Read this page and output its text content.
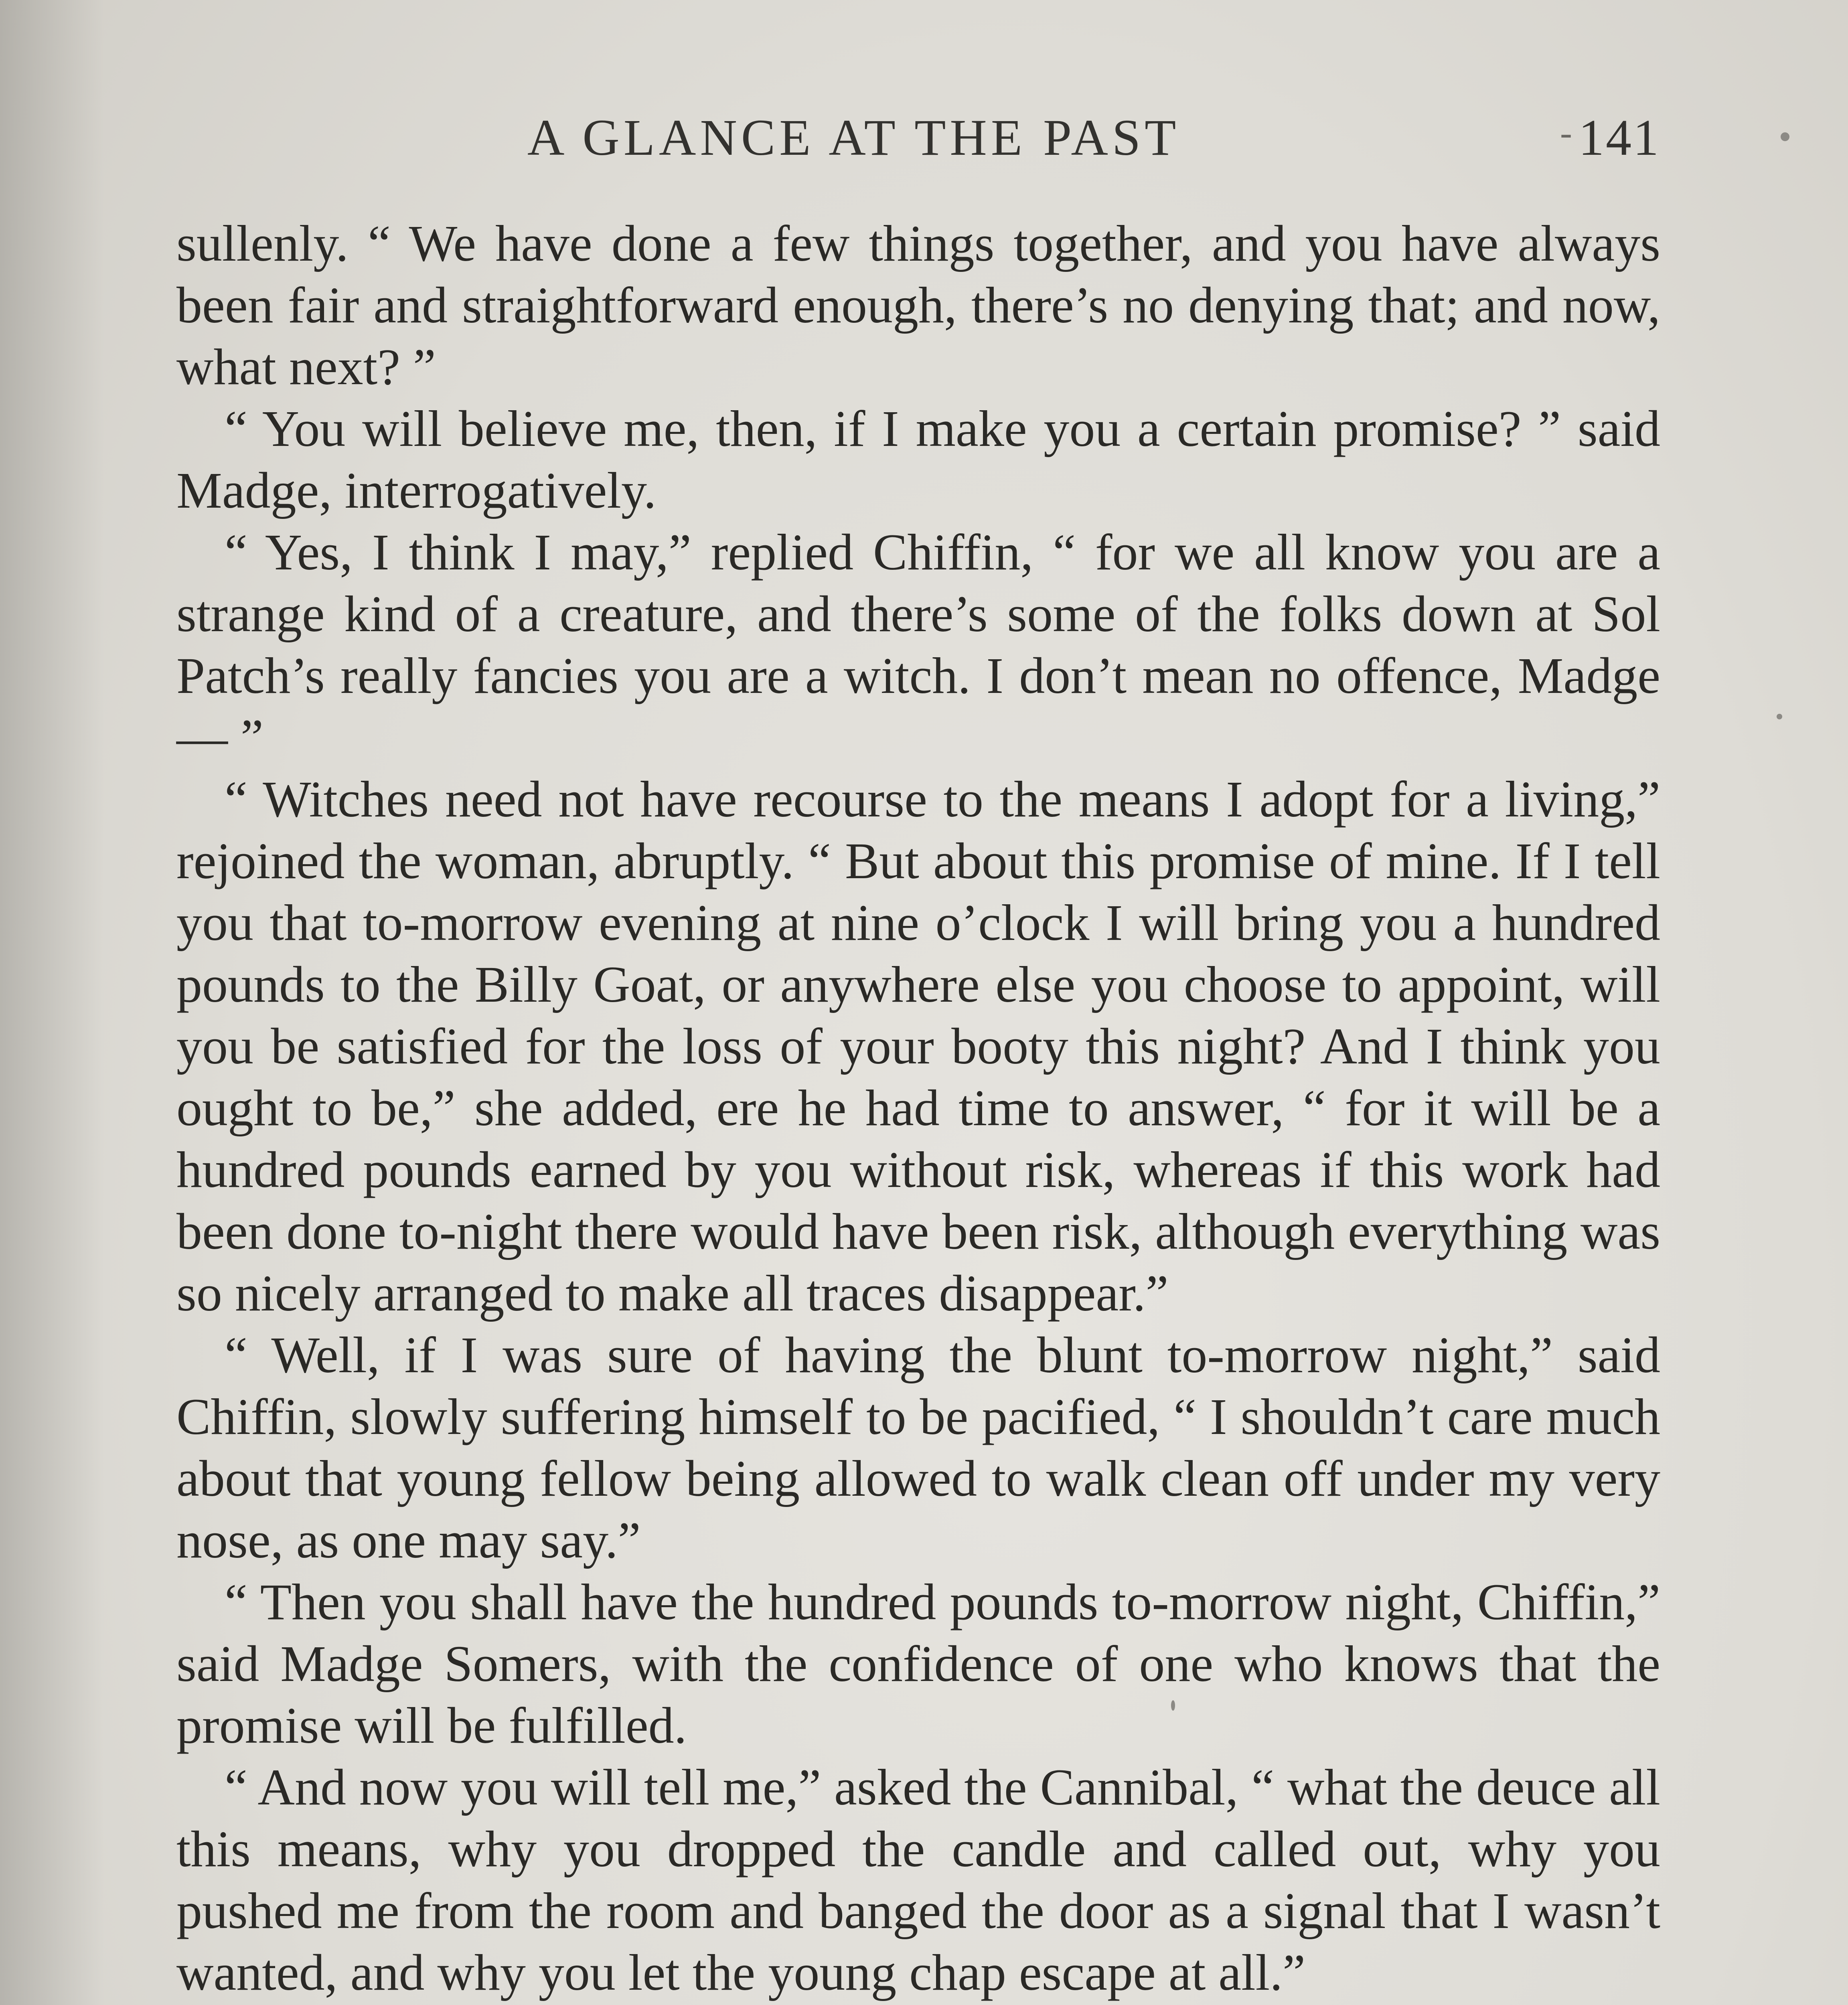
A GLANCE AT THE PAST	- 141

sullenly. “ We have done a few things together, and you have always been fair and straightforward enough, there’s no denying that; and now, what next? ”

“ You will believe me, then, if I make you a certain promise? ” said Madge, interrogatively.

“ Yes, I think I may,” replied Chiffin, “ for we all know you are a strange kind of a creature, and there’s some of the folks down at Sol Patch’s really fancies you are a witch. I don’t mean no offence, Madge — ”

“ Witches need not have recourse to the means I adopt for a living,” rejoined the woman, abruptly. “ But about this promise of mine. If I tell you that to-morrow evening at nine o’clock I will bring you a hundred pounds to the Billy Goat, or anywhere else you choose to appoint, will you be satisfied for the loss of your booty this night? And I think you ought to be,” she added, ere he had time to answer, “ for it will be a hundred pounds earned by you without risk, whereas if this work had been done to-night there would have been risk, although everything was so nicely arranged to make all traces disappear.”

“ Well, if I was sure of having the blunt to-morrow night,” said Chiffin, slowly suffering himself to be pacified, “ I shouldn’t care much about that young fellow being allowed to walk clean off under my very nose, as one may say.”

“ Then you shall have the hundred pounds to-morrow night, Chiffin,” said Madge Somers, with the confidence of one who knows that the promise will be fulfilled.

“ And now you will tell me,” asked the Cannibal, “ what the deuce all this means, why you dropped the candle and called out, why you pushed me from the room and banged the door as a signal that I wasn’t wanted, and why you let the young chap escape at all.”
